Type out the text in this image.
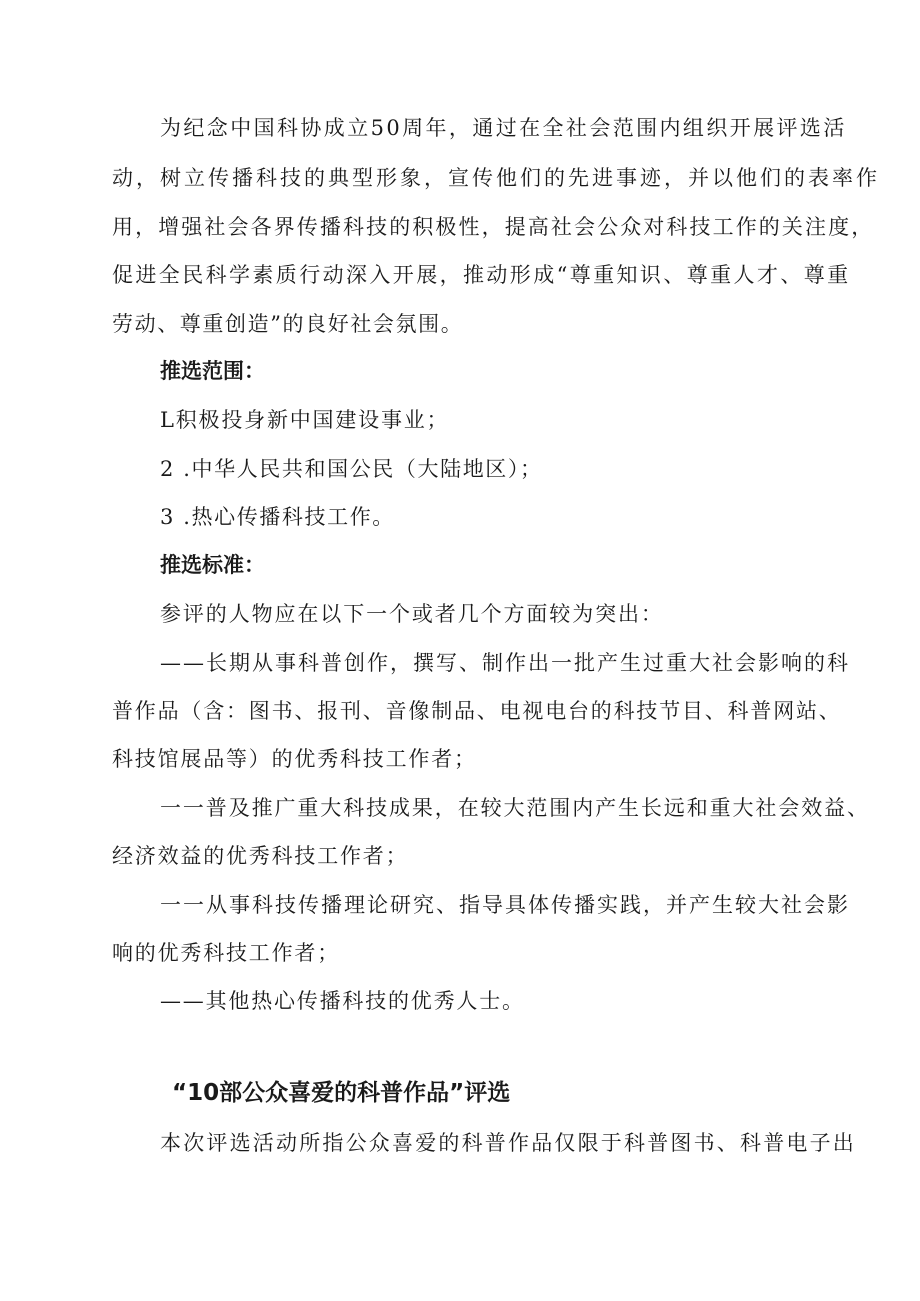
为纪念中国科协成立50周年，通过在全社会范围内组织开展评选活
动，树立传播科技的典型形象，宣传他们的先进事迹，并以他们的表率作
用，增强社会各界传播科技的积极性，提高社会公众对科技工作的关注度，
促进全民科学素质行动深入开展，推动形成“尊重知识、尊重人才、尊重
劳动、尊重创造”的良好社会氛围。
推选范围：
L积极投身新中国建设事业；
2 .中华人民共和国公民（大陆地区）；
3 .热心传播科技工作。
推选标准：
参评的人物应在以下一个或者几个方面较为突出：
——长期从事科普创作，撰写、制作出一批产生过重大社会影响的科
普作品（含：图书、报刊、音像制品、电视电台的科技节目、科普网站、
科技馆展品等）的优秀科技工作者；
一一普及推广重大科技成果，在较大范围内产生长远和重大社会效益、
经济效益的优秀科技工作者；
一一从事科技传播理论研究、指导具体传播实践，并产生较大社会影
响的优秀科技工作者；
——其他热心传播科技的优秀人士。
“10部公众喜爱的科普作品”评选
本次评选活动所指公众喜爱的科普作品仅限于科普图书、科普电子出
